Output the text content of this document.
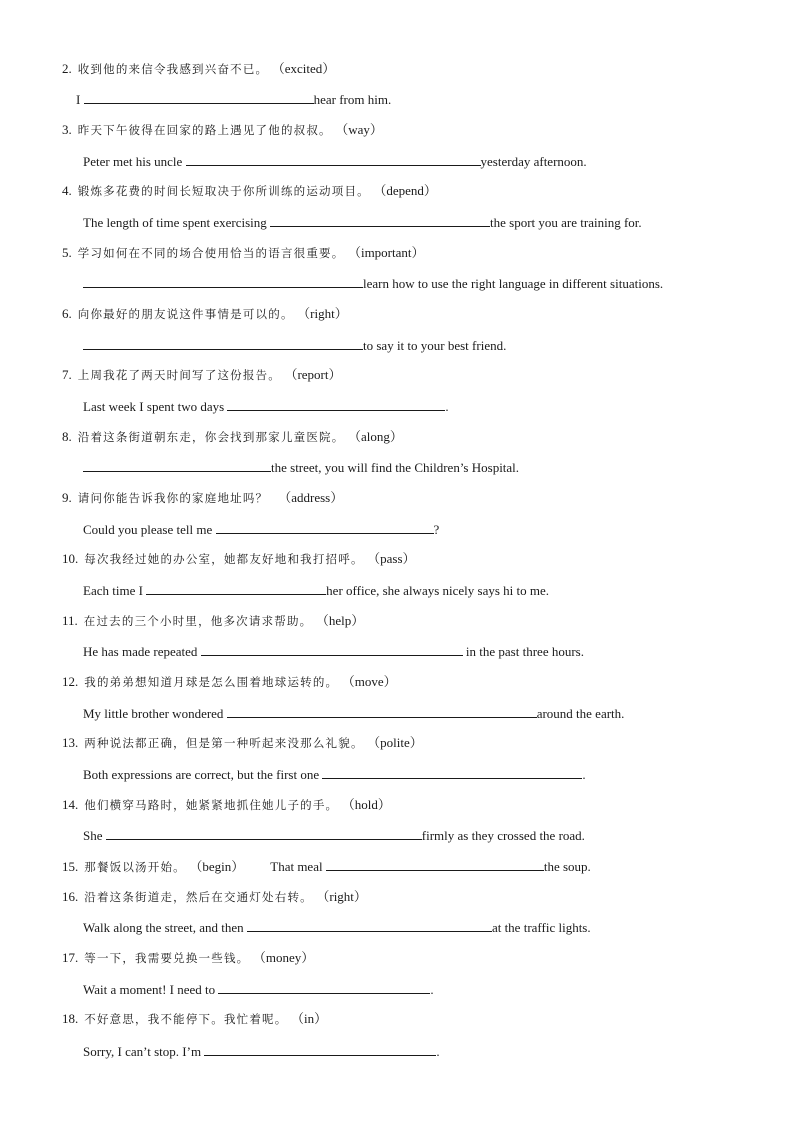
2. 收到他的来信令我感到兴奋不已。 （excited）
I	hear from him.
3. 昨天下午彼得在回家的路上遇见了他的叔叔。 （way）
Peter met his uncle	yesterday afternoon.
4. 锻炼多花费的时间长短取决于你所训练的运动项目。 （depend）
The length of time spent exercising	the sport you are training for.
5. 学习如何在不同的场合使用恰当的语言很重要。 （important）
learn how to use the right language in different situations.
6. 向你最好的朋友说这件事情是可以的。 （right）
to say it to your best friend.
7. 上周我花了两天时间写了这份报告。 （report）
Last week I spent two days	.
8. 沿着这条街道朝东走，你会找到那家儿童医院。 （along）
the street, you will find the Children’s Hospital.
9. 请问你能告诉我你的家庭地址吗？ （address）
Could you please tell me	?
10. 每次我经过她的办公室，她都友好地和我打招呼。 （pass）
Each time I	her office, she always nicely says hi to me.
11. 在过去的三个小时里，他多次请求帮助。 （help）
He has made repeated	in the past three hours.
12. 我的弟弟想知道月球是怎么围着地球运转的。 （move）
My little brother wondered	around the earth.
13. 两种说法都正确，但是第一种听起来没那么礼貌。 （polite）
Both expressions are correct, but the first one	.
14. 他们横穿马路时，她紧紧地抓住她儿子的手。 （hold）
She	firmly as they crossed the road.
15. 那餐饭以汤开始。 （begin） That meal	the soup.
16. 沿着这条街道走，然后在交通灯处右转。 （right）
Walk along the street, and then	at the traffic lights.
17. 等一下，我需要兑换一些钱。 （money）
Wait a moment! I need to	.
18. 不好意思，我不能停下。我忙着呢。 （in）
Sorry, I can’t stop. I’m	.
